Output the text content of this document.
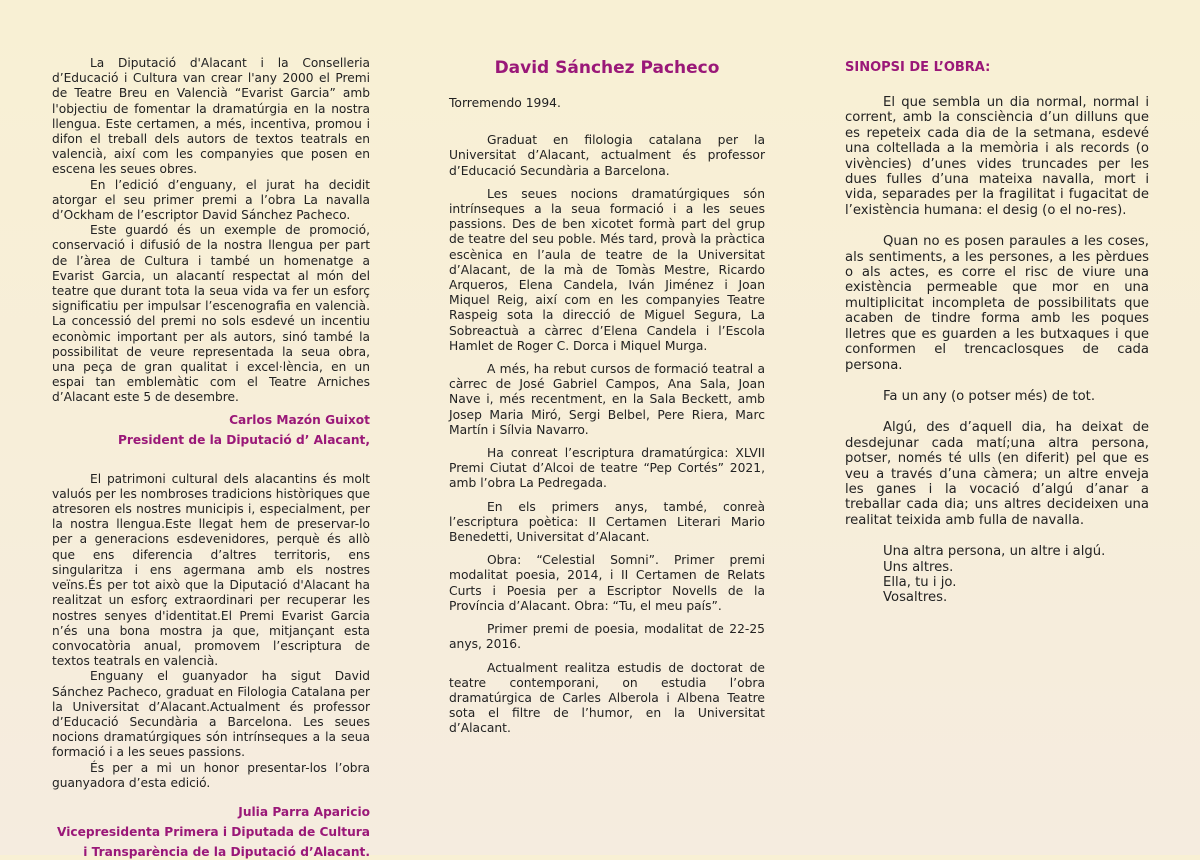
La Diputació d'Alacant i la Conselleria d’Educació i Cultura van crear l'any 2000 el Premi de Teatre Breu en Valencià “Evarist Garcia” amb l'objectiu de fomentar la dramatúrgia en la nostra llengua. Este certamen, a més, incentiva, promou i difon el treball dels autors de textos teatrals en valencià, així com les companyies que posen en escena les seues obres.

En l’edició d’enguany, el jurat ha decidit atorgar el seu primer premi a l’obra La navalla d’Ockham de l’escriptor David Sánchez Pacheco.

Este guardó és un exemple de promoció, conservació i difusió de la nostra llengua per part de l’àrea de Cultura i també un homenatge a Evarist Garcia, un alacantí respectat al món del teatre que durant tota la seua vida va fer un esforç significatiu per impulsar l’escenografia en valencià. La concessió del premi no sols esdevé un incentiu econòmic important per als autors, sinó també la possibilitat de veure representada la seua obra, una peça de gran qualitat i excel·lència, en un espai tan emblemàtic com el Teatre Arniches d’Alacant este 5 de desembre.

Carlos Mazón Guixot

President de la Diputació d’ Alacant,

El patrimoni cultural dels alacantins és molt valuós per les nombroses tradicions històriques que atresoren els nostres municipis i, especialment, per la nostra llengua.Este llegat hem de preservar-lo per a generacions esdevenidores, perquè és allò que ens diferencia d’altres territoris, ens singularitza i ens agermana amb els nostres veïns.És per tot això que la Diputació d'Alacant ha realitzat un esforç extraordinari per recuperar les nostres senyes d'identitat.El Premi Evarist Garcia n’és una bona mostra ja que, mitjançant esta convocatòria anual, promovem l’escriptura de textos teatrals en valencià.

Enguany el guanyador ha sigut David Sánchez Pacheco, graduat en Filologia Catalana per la Universitat d’Alacant.Actualment és professor d’Educació Secundària a Barcelona. Les seues nocions dramatúrgiques són intrínseques a la seua formació i a les seues passions.

És per a mi un honor presentar-los l’obra guanyadora d’esta edició.

Julia Parra Aparicio

Vicepresidenta Primera i Diputada de Cultura

i Transparència de la Diputació d’Alacant.

David Sánchez Pacheco

Torremendo 1994.

Graduat en filologia catalana per la Universitat d’Alacant, actualment és professor d’Educació Secundària a Barcelona.

Les seues nocions dramatúrgiques són intrínseques a la seua formació i a les seues passions. Des de ben xicotet formà part del grup de teatre del seu poble. Més tard, provà la pràctica escènica en l’aula de teatre de la Universitat d’Alacant, de la mà de Tomàs Mestre, Ricardo Arqueros, Elena Candela, Iván Jiménez i Joan Miquel Reig, així com en les companyies Teatre Raspeig sota la direcció de Miguel Segura, La Sobreactuà a càrrec d’Elena Candela i l’Escola Hamlet de Roger C. Dorca i Miquel Murga.

A més, ha rebut cursos de formació teatral a càrrec de José Gabriel Campos, Ana Sala, Joan Nave i, més recentment, en la Sala Beckett, amb Josep Maria Miró, Sergi Belbel, Pere Riera, Marc Martín i Sílvia Navarro.

Ha conreat l’escriptura dramatúrgica: XLVII Premi Ciutat d’Alcoi de teatre “Pep Cortés” 2021, amb l’obra La Pedregada.

En els primers anys, també, conreà l’escriptura poètica: II Certamen Literari Mario Benedetti, Universitat d’Alacant.

Obra: “Celestial Somni”. Primer premi modalitat poesia, 2014, i II Certamen de Relats Curts i Poesia per a Escriptor Novells de la Província d’Alacant. Obra: “Tu, el meu país”.

Primer premi de poesia, modalitat de 22-25 anys, 2016.

Actualment realitza estudis de doctorat de teatre contemporani, on estudia l’obra dramatúrgica de Carles Alberola i Albena Teatre sota el filtre de l’humor, en la Universitat d’Alacant.

SINOPSI DE L’OBRA:

El que sembla un dia normal, normal i corrent, amb la consciència d’un dilluns que es repeteix cada dia de la setmana, esdevé una coltellada a la memòria i als records (o vivències) d’unes vides truncades per les dues fulles d’una mateixa navalla, mort i vida, separades per la fragilitat i fugacitat de l’existència humana: el desig (o el no-res).

Quan no es posen paraules a les coses, als sentiments, a les persones, a les pèrdues o als actes, es corre el risc de viure una existència permeable que mor en una multiplicitat incompleta de possibilitats que acaben de tindre forma amb les poques lletres que es guarden a les butxaques i que conformen el trencaclosques de cada persona.

Fa un any (o potser més) de tot.

Algú, des d’aquell dia, ha deixat de desdejunar cada matí;una altra persona, potser, només té ulls (en diferit) pel que es veu a través d’una càmera; un altre enveja les ganes i la vocació d’algú d’anar a treballar cada dia; uns altres decideixen una realitat teixida amb fulla de navalla.

Una altra persona, un altre i algú.

Uns altres.

Ella, tu i jo.

Vosaltres.
